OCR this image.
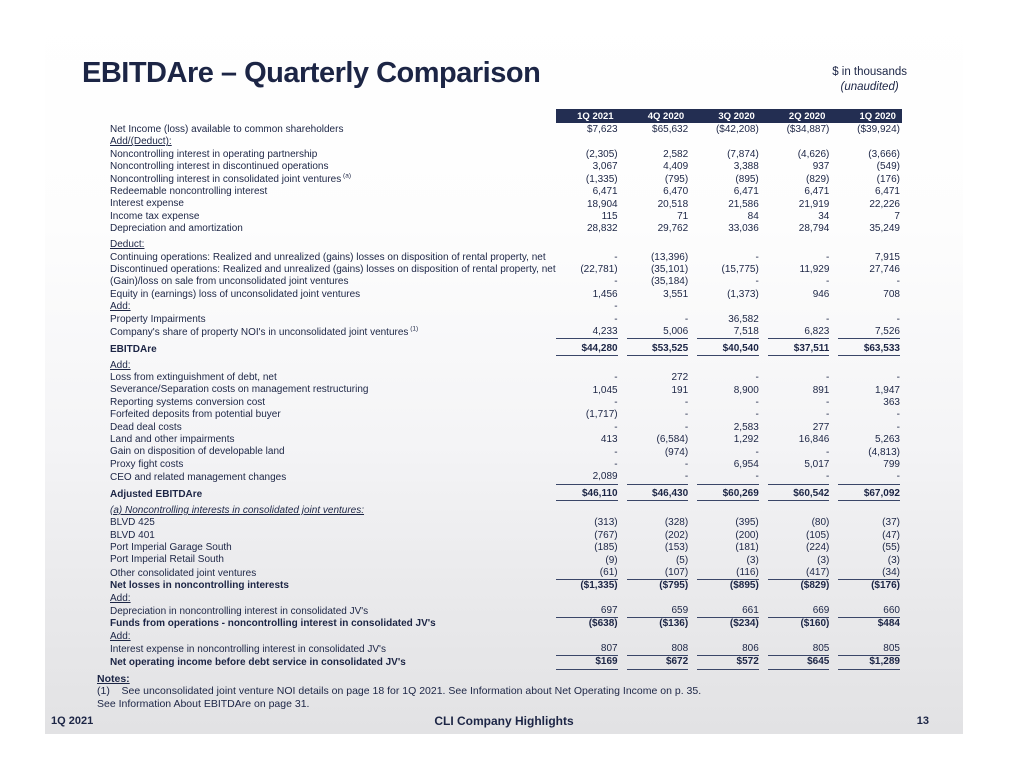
EBITDAre – Quarterly Comparison	$ in thousands
(unaudited)
1Q 2021	4Q 2020	3Q 2020	2Q 2020	1Q 2020
Net Income (loss) available to common shareholders	$7,623	$65,632	($42,208)	($34,887)	($39,924)
Add/(Deduct):
Noncontrolling interest in operating partnership	(2,305)	2,582	(7,874)	(4,626)	(3,666)
Noncontrolling interest in discontinued operations	3,067	4,409	3,388	937	(549)
Noncontrolling interest in consolidated joint ventures $^{(a)}$	(1,335)	(795)	(895)	(829)	(176)
Redeemable noncontrolling interest	6,471	6,470	6,471	6,471	6,471
Interest expense	18,904	20,518	21,586	21,919	22,226
Income tax expense	115	71	84	34	7
Depreciation and amortization	28,832	29,762	33,036	28,794	35,249
Deduct:
Continuing operations: Realized and unrealized (gains) losses on disposition of rental property, net	-	(13,396)	-	-	7,915
Discontinued operations: Realized and unrealized (gains) losses on disposition of rental property, net	(22,781)	(35,101)	(15,775)	11,929	27,746
(Gain)/loss on sale from unconsolidated joint ventures	-	(35,184)	-	-	-
Equity in (earnings) loss of unconsolidated joint ventures	1,456	3,551	(1,373)	946	708
Add:	-
Property Impairments	-	-	36,582	-	-
Company's share of property NOI's in unconsolidated joint ventures $^{(1)}$	4,233	5,006	7,518	6,823	7,526
EBITDAre	$44,280	$53,525	$40,540	$37,511	$63,533
Add:
Loss from extinguishment of debt, net	-	272	-	-	-
Severance/Separation costs on management restructuring	1,045	191	8,900	891	1,947
Reporting systems conversion cost	-	-	-	-	363
Forfeited deposits from potential buyer	(1,717)	-	-	-	-
Dead deal costs	-	-	2,583	277	-
Land and other impairments	413	(6,584)	1,292	16,846	5,263
Gain on disposition of developable land	-	(974)	-	-	(4,813)
Proxy fight costs	-	-	6,954	5,017	799
CEO and related management changes	2,089	-	-	-	-
Adjusted EBITDAre	$46,110	$46,430	$60,269	$60,542	$67,092
(a) Noncontrolling interests in consolidated joint ventures:
BLVD 425	(313)	(328)	(395)	(80)	(37)
BLVD 401	(767)	(202)	(200)	(105)	(47)
Port Imperial Garage South	(185)	(153)	(181)	(224)	(55)
Port Imperial Retail South	(9)	(5)	(3)	(3)	(3)
Other consolidated joint ventures	(61)	(107)	(116)	(417)	(34)
Net losses in noncontrolling interests	($1,335)	($795)	($895)	($829)	($176)
Add:
Depreciation in noncontrolling interest in consolidated JV's	697	659	661	669	660
Funds from operations - noncontrolling interest in consolidated JV's	($638)	($136)	($234)	($160)	$484
Add:
Interest expense in noncontrolling interest in consolidated JV's	807	808	806	805	805
Net operating income before debt service in consolidated JV's	$169	$672	$572	$645	$1,289
Notes:
(1)    See unconsolidated joint venture NOI details on page 18 for 1Q 2021. See Information about Net Operating Income on p. 35.
See Information About EBITDAre on page 31.
1Q 2021	CLI Company Highlights	13
